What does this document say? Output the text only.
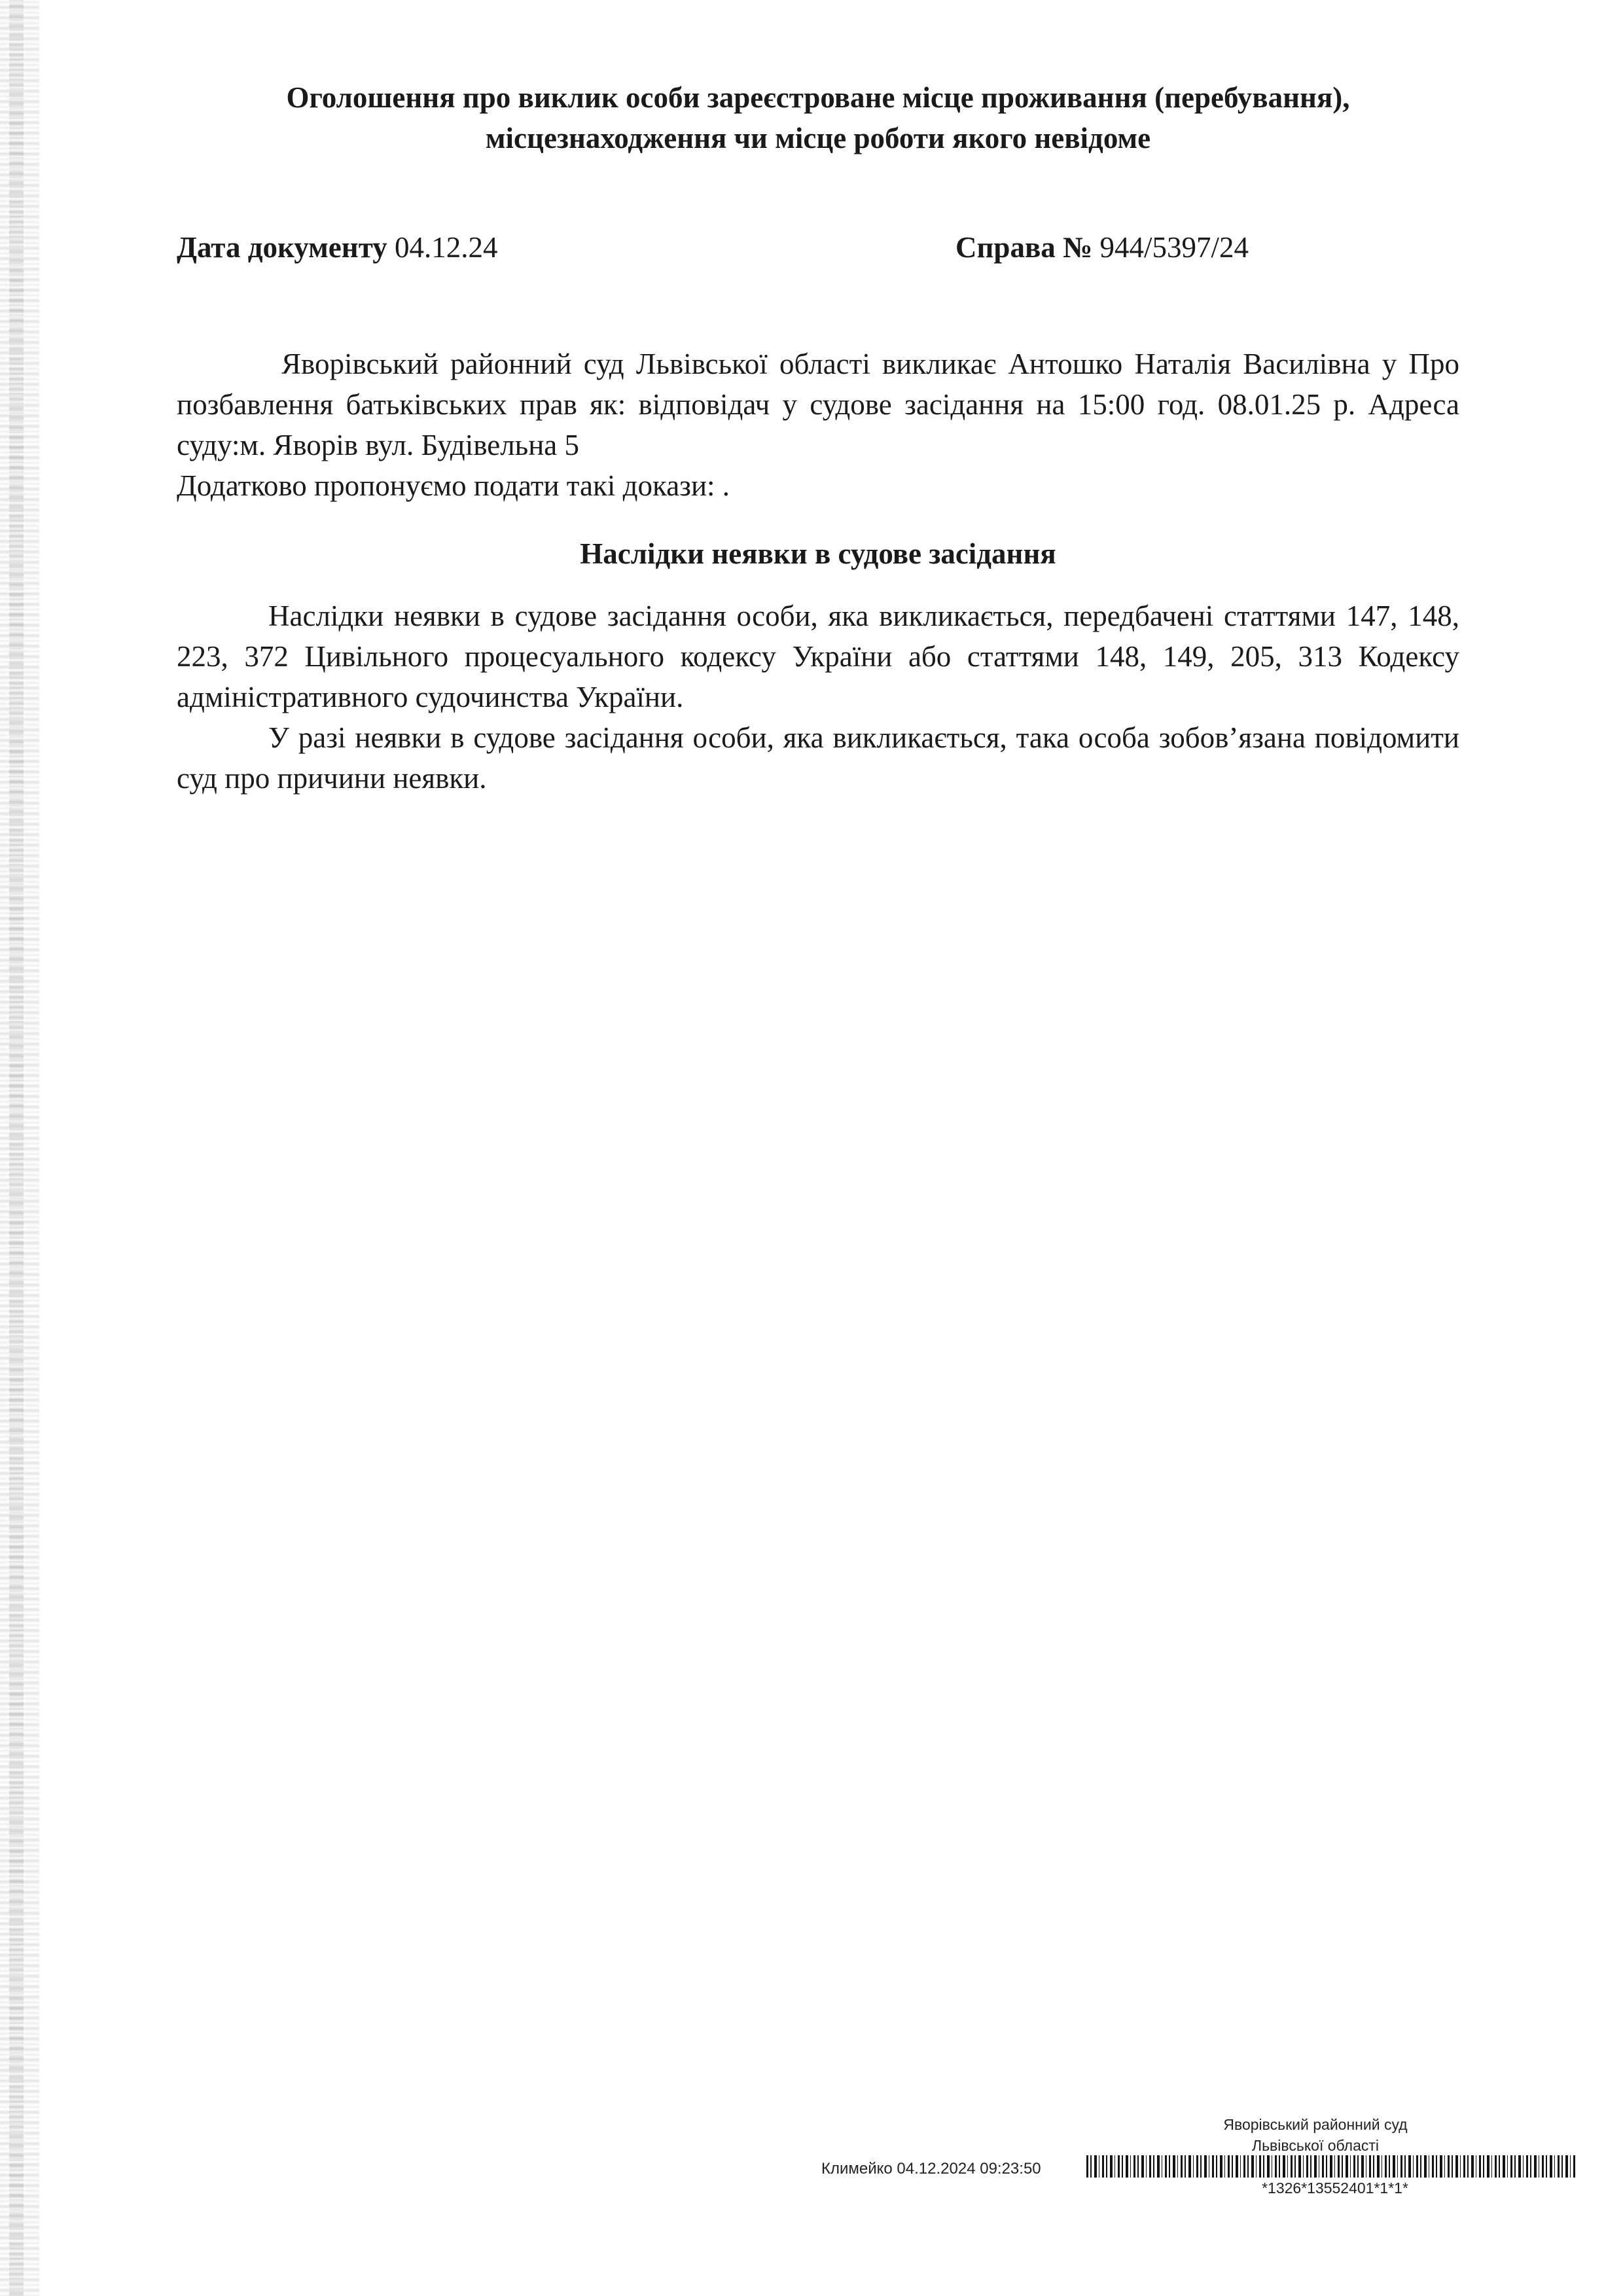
Оголошення про виклик особи зареєстроване місце проживання (перебування),
місцезнаходження чи місце роботи якого невідоме
Дата документу 04.12.24	Справа № 944/5397/24

Яворівський районний суд Львівської області викликає Антошко Наталія Василівна у Про позбавлення батьківських прав як: відповідач у судове засідання на 15:00 год. 08.01.25 р. Адреса суду:м. Яворів вул. Будівельна 5

Додатково пропонуємо подати такі докази: .

Наслідки неявки в судове засідання

Наслідки неявки в судове засідання особи, яка викликається, передбачені статтями 147, 148, 223, 372 Цивільного процесуального кодексу України або статтями 148, 149, 205, 313 Кодексу адміністративного судочинства України.

У разі неявки в судове засідання особи, яка викликається, така особа зобов’язана повідомити суд про причини неявки.

Яворівський районний суд
Львівської області
Климейко 04.12.2024 09:23:50
*1326*13552401*1*1*
